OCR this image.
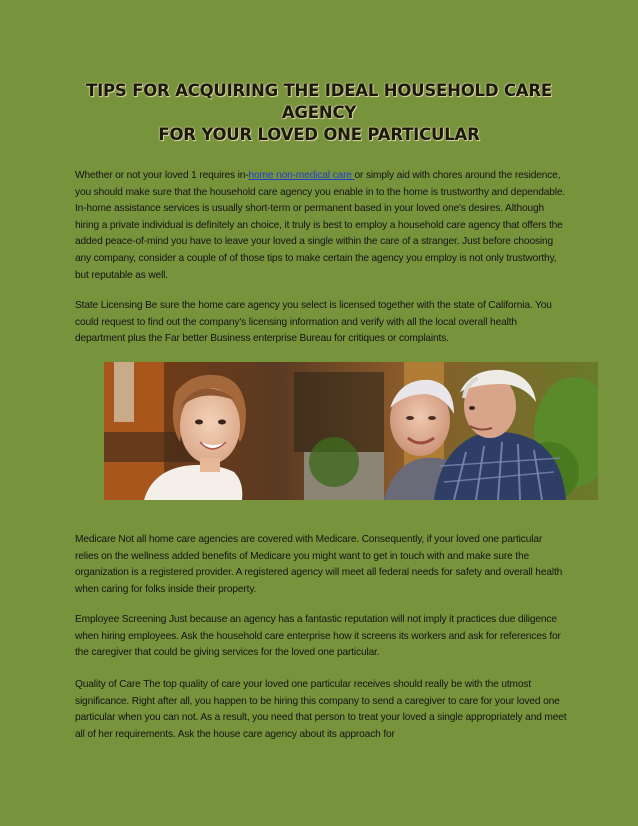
TIPS FOR ACQUIRING THE IDEAL HOUSEHOLD CARE AGENCY
FOR YOUR LOVED ONE PARTICULAR

Whether or not your loved 1 requires in-home non-medical care or simply aid with chores around the residence, you should make sure that the household care agency you enable in to the home is trustworthy and dependable. In-home assistance services is usually short-term or permanent based in your loved one's desires. Although hiring a private individual is definitely an choice, it truly is best to employ a household care agency that offers the added peace-of-mind you have to leave your loved a single within the care of a stranger. Just before choosing any company, consider a couple of of those tips to make certain the agency you employ is not only trustworthy, but reputable as well.

State Licensing Be sure the home care agency you select is licensed together with the state of California. You could request to find out the company's licensing information and verify with all the local overall health department plus the Far better Business enterprise Bureau for critiques or complaints.

Medicare Not all home care agencies are covered with Medicare. Consequently, if your loved one particular relies on the wellness added benefits of Medicare you might want to get in touch with and make sure the organization is a registered provider. A registered agency will meet all federal needs for safety and overall health when caring for folks inside their property.

Employee Screening Just because an agency has a fantastic reputation will not imply it practices due diligence when hiring employees. Ask the household care enterprise how it screens its workers and ask for references for the caregiver that could be giving services for the loved one particular.

Quality of Care The top quality of care your loved one particular receives should really be with the utmost significance. Right after all, you happen to be hiring this company to send a caregiver to care for your loved one particular when you can not. As a result, you need that person to treat your loved a single appropriately and meet all of her requirements. Ask the house care agency about its approach for
